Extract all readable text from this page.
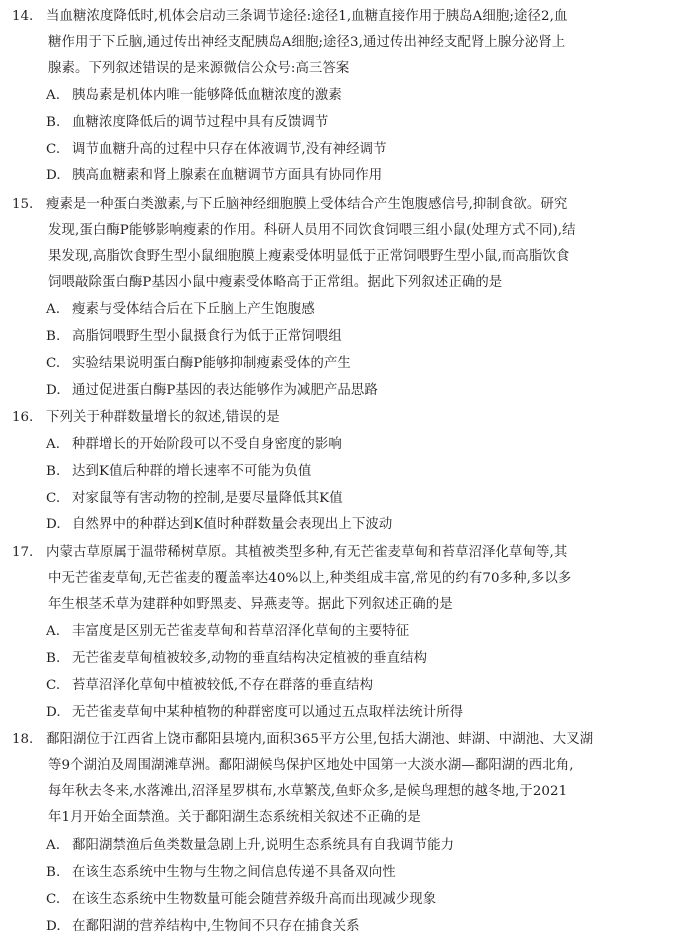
14. 当血糖浓度降低时,机体会启动三条调节途径:途径1,血糖直接作用于胰岛A细胞;途径2,血
糖作用于下丘脑,通过传出神经支配胰岛A细胞;途径3,通过传出神经支配肾上腺分泌肾上
腺素。下列叙述错误的是来源微信公众号:高三答案
A. 胰岛素是机体内唯一能够降低血糖浓度的激素
B. 血糖浓度降低后的调节过程中具有反馈调节
C. 调节血糖升高的过程中只存在体液调节,没有神经调节
D. 胰高血糖素和肾上腺素在血糖调节方面具有协同作用
15. 瘦素是一种蛋白类激素,与下丘脑神经细胞膜上受体结合产生饱腹感信号,抑制食欲。研究
发现,蛋白酶P能够影响瘦素的作用。科研人员用不同饮食饲喂三组小鼠(处理方式不同),结
果发现,高脂饮食野生型小鼠细胞膜上瘦素受体明显低于正常饲喂野生型小鼠,而高脂饮食
饲喂敲除蛋白酶P基因小鼠中瘦素受体略高于正常组。据此下列叙述正确的是
A. 瘦素与受体结合后在下丘脑上产生饱腹感
B. 高脂饲喂野生型小鼠摄食行为低于正常饲喂组
C. 实验结果说明蛋白酶P能够抑制瘦素受体的产生
D. 通过促进蛋白酶P基因的表达能够作为减肥产品思路
16. 下列关于种群数量增长的叙述,错误的是
A. 种群增长的开始阶段可以不受自身密度的影响
B. 达到K值后种群的增长速率不可能为负值
C. 对家鼠等有害动物的控制,是要尽量降低其K值
D. 自然界中的种群达到K值时种群数量会表现出上下波动
17. 内蒙古草原属于温带稀树草原。其植被类型多种,有无芒雀麦草甸和苔草沼泽化草甸等,其
中无芒雀麦草甸,无芒雀麦的覆盖率达40%以上,种类组成丰富,常见的约有70多种,多以多
年生根茎禾草为建群种如野黑麦、异燕麦等。据此下列叙述正确的是
A. 丰富度是区别无芒雀麦草甸和苔草沼泽化草甸的主要特征
B. 无芒雀麦草甸植被较多,动物的垂直结构决定植被的垂直结构
C. 苔草沼泽化草甸中植被较低,不存在群落的垂直结构
D. 无芒雀麦草甸中某种植物的种群密度可以通过五点取样法统计所得
18. 鄱阳湖位于江西省上饶市鄱阳县境内,面积365平方公里,包括大湖池、蚌湖、中湖池、大叉湖
等9个湖泊及周围湖滩草洲。鄱阳湖候鸟保护区地处中国第一大淡水湖—鄱阳湖的西北角,
每年秋去冬来,水落滩出,沼泽星罗棋布,水草繁茂,鱼虾众多,是候鸟理想的越冬地,于2021
年1月开始全面禁渔。关于鄱阳湖生态系统相关叙述不正确的是
A. 鄱阳湖禁渔后鱼类数量急剧上升,说明生态系统具有自我调节能力
B. 在该生态系统中生物与生物之间信息传递不具备双向性
C. 在该生态系统中生物数量可能会随营养级升高而出现减少现象
D. 在鄱阳湖的营养结构中,生物间不只存在捕食关系
